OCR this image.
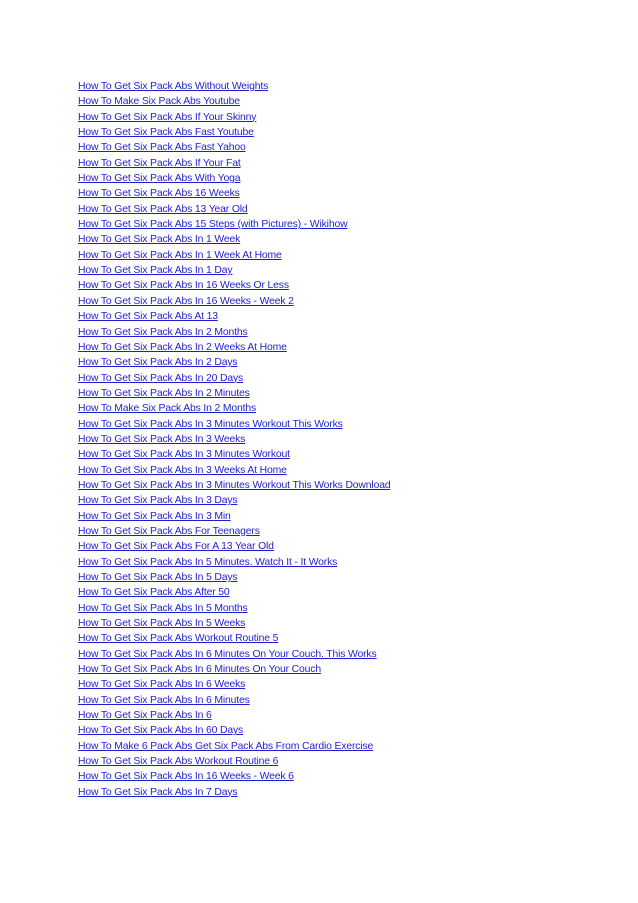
How To Get Six Pack Abs Without Weights
How To Make Six Pack Abs Youtube
How To Get Six Pack Abs If Your Skinny
How To Get Six Pack Abs Fast Youtube
How To Get Six Pack Abs Fast Yahoo
How To Get Six Pack Abs If Your Fat
How To Get Six Pack Abs With Yoga
How To Get Six Pack Abs 16 Weeks
How To Get Six Pack Abs 13 Year Old
How To Get Six Pack Abs 15 Steps (with Pictures) - Wikihow
How To Get Six Pack Abs In 1 Week
How To Get Six Pack Abs In 1 Week At Home
How To Get Six Pack Abs In 1 Day
How To Get Six Pack Abs In 16 Weeks Or Less
How To Get Six Pack Abs In 16 Weeks - Week 2
How To Get Six Pack Abs At 13
How To Get Six Pack Abs In 2 Months
How To Get Six Pack Abs In 2 Weeks At Home
How To Get Six Pack Abs In 2 Days
How To Get Six Pack Abs In 20 Days
How To Get Six Pack Abs In 2 Minutes
How To Make Six Pack Abs In 2 Months
How To Get Six Pack Abs In 3 Minutes Workout This Works
How To Get Six Pack Abs In 3 Weeks
How To Get Six Pack Abs In 3 Minutes Workout
How To Get Six Pack Abs In 3 Weeks At Home
How To Get Six Pack Abs In 3 Minutes Workout This Works Download
How To Get Six Pack Abs In 3 Days
How To Get Six Pack Abs In 3 Min
How To Get Six Pack Abs For Teenagers
How To Get Six Pack Abs For A 13 Year Old
How To Get Six Pack Abs In 5 Minutes. Watch It - It Works
How To Get Six Pack Abs In 5 Days
How To Get Six Pack Abs After 50
How To Get Six Pack Abs In 5 Months
How To Get Six Pack Abs In 5 Weeks
How To Get Six Pack Abs Workout Routine 5
How To Get Six Pack Abs In 6 Minutes On Your Couch. This Works
How To Get Six Pack Abs In 6 Minutes On Your Couch
How To Get Six Pack Abs In 6 Weeks
How To Get Six Pack Abs In 6 Minutes
How To Get Six Pack Abs In 6
How To Get Six Pack Abs In 60 Days
How To Make 6 Pack Abs Get Six Pack Abs From Cardio Exercise
How To Get Six Pack Abs Workout Routine 6
How To Get Six Pack Abs In 16 Weeks - Week 6
How To Get Six Pack Abs In 7 Days
